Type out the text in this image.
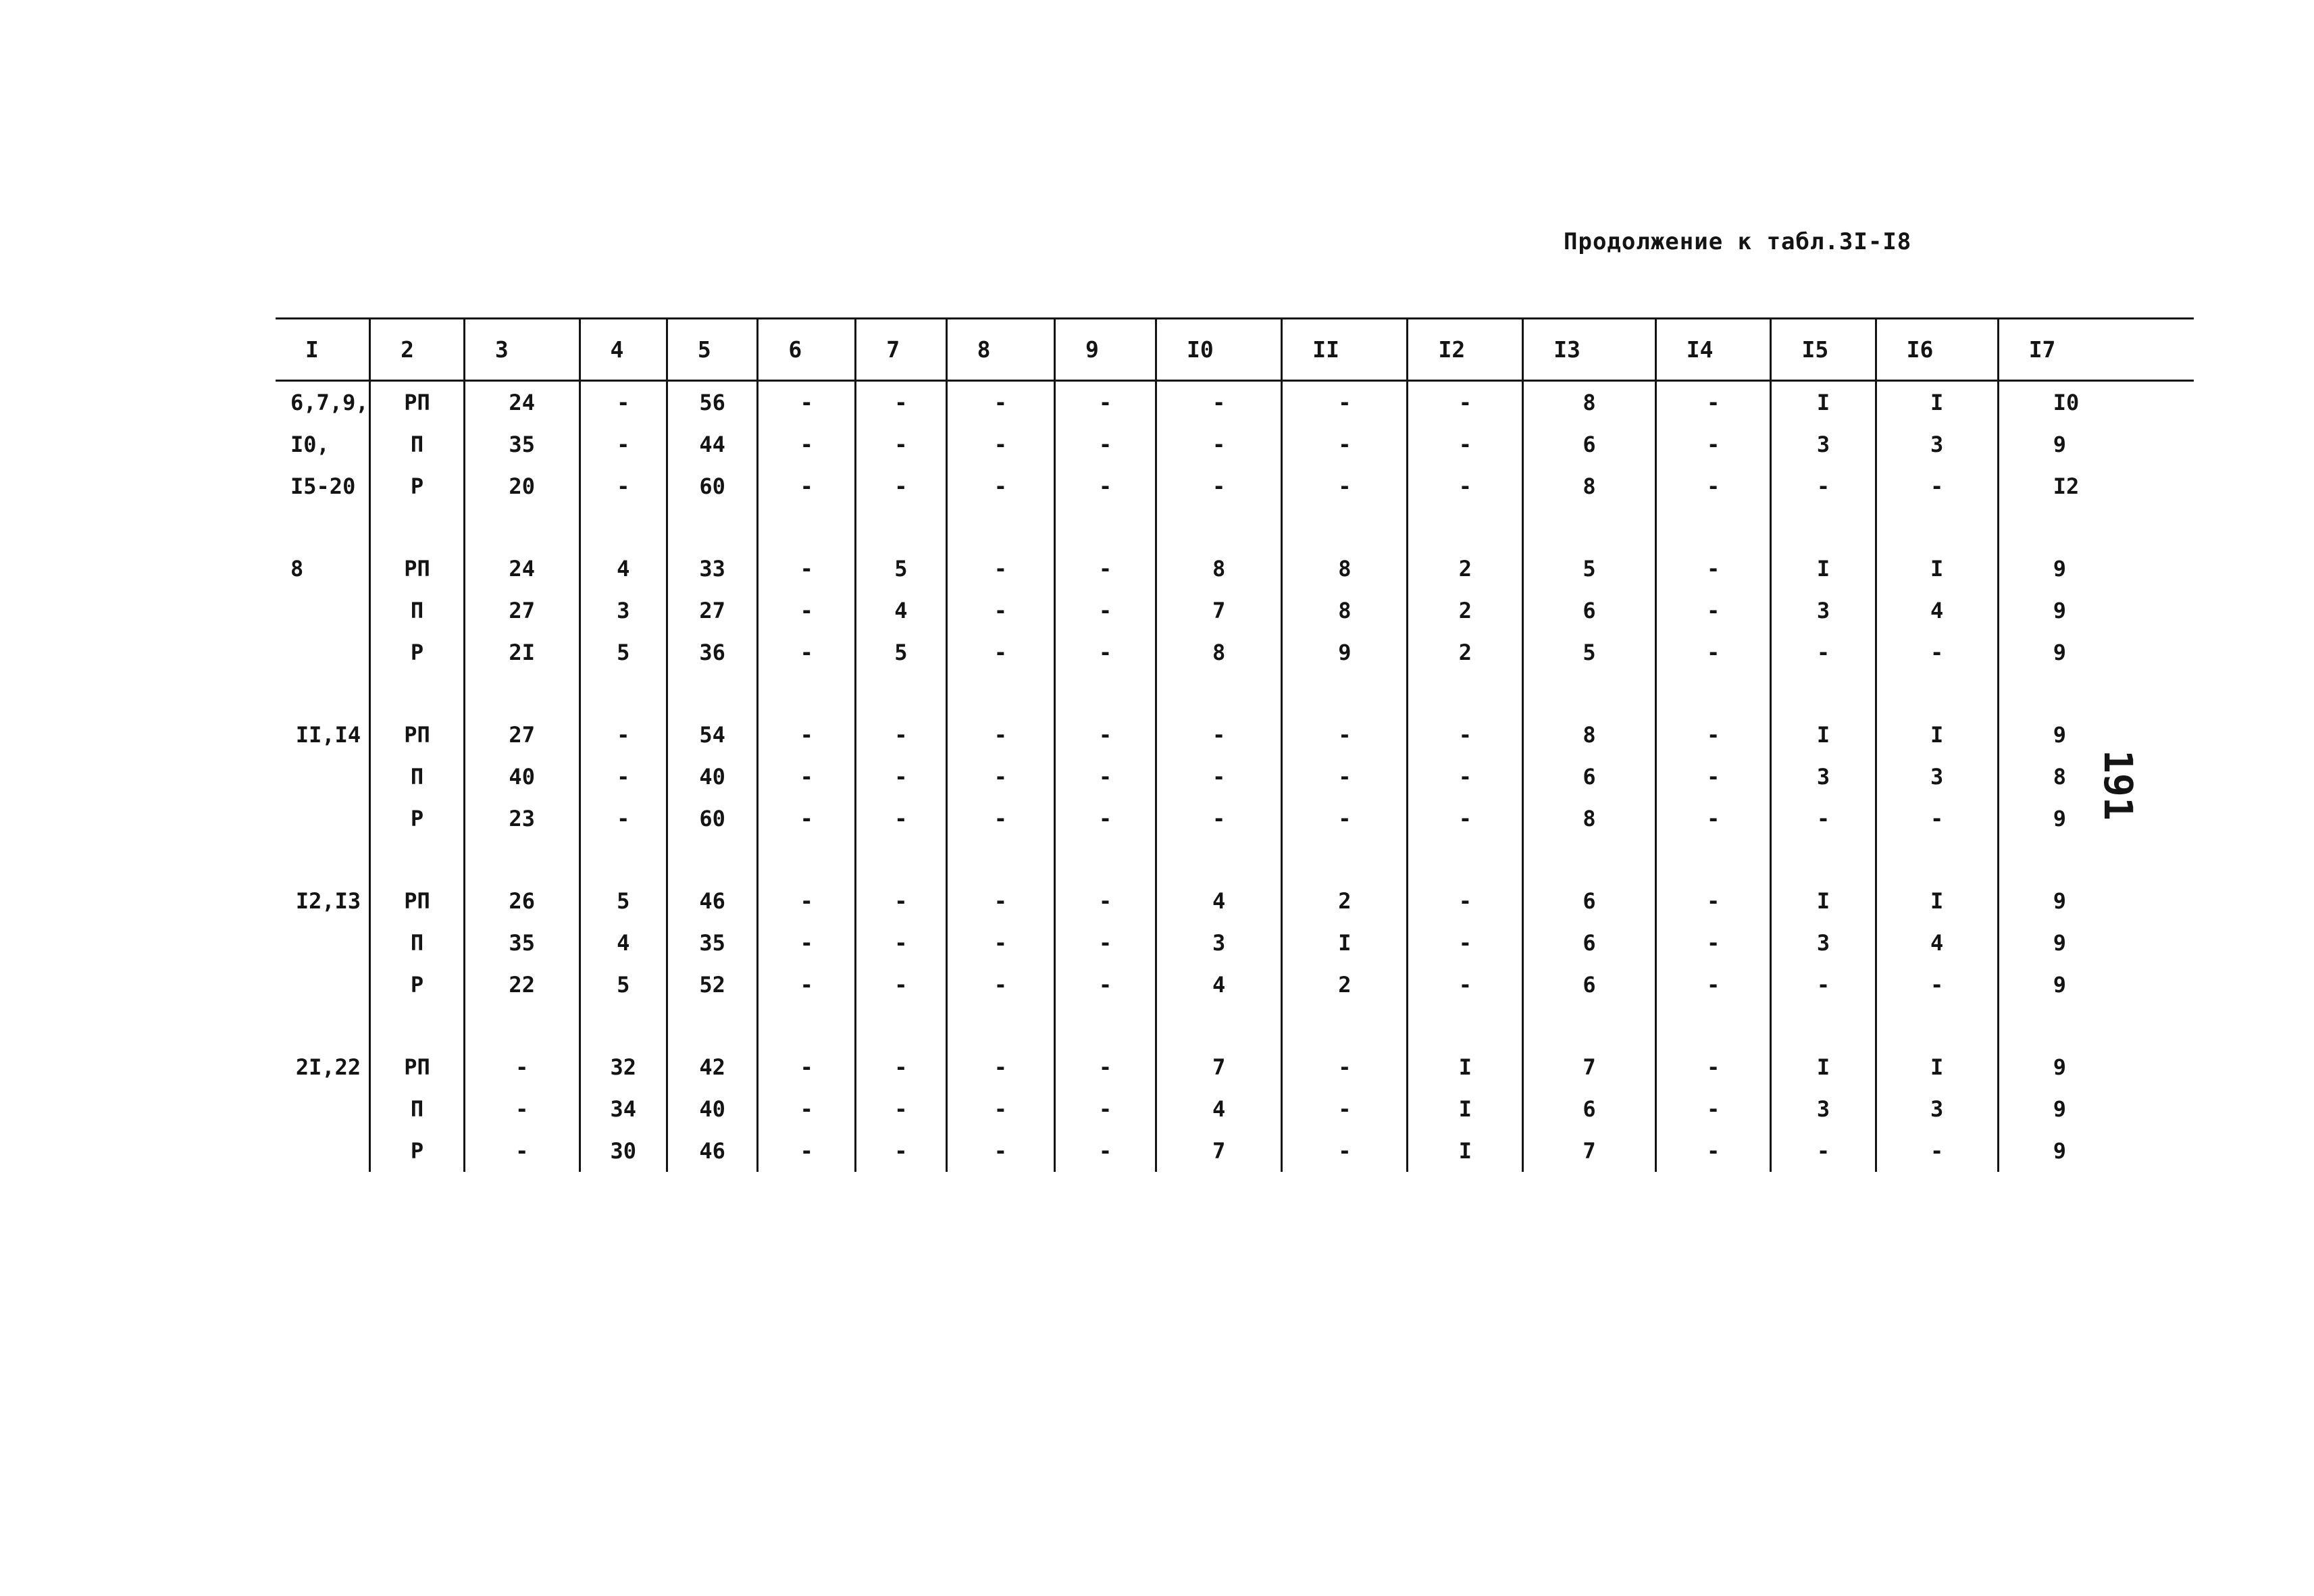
Продолжение к табл.3I-I8
I	2	3	4	5	6	7	8	9	I0	II	I2	I3	I4	I5	I6	I7
6,7,9,	РП	24	-	56	-	-	-	-	-	-	-	8	-	I	I	I0
I0,	П	35	-	44	-	-	-	-	-	-	-	6	-	3	3	9
I5-20	Р	20	-	60	-	-	-	-	-	-	-	8	-	-	-	I2

8	РП	24	4	33	-	5	-	-	8	8	2	5	-	I	I	9
	П	27	3	27	-	4	-	-	7	8	2	6	-	3	4	9
	Р	2I	5	36	-	5	-	-	8	9	2	5	-	-	-	9

II,I4	РП	27	-	54	-	-	-	-	-	-	-	8	-	I	I	9
	П	40	-	40	-	-	-	-	-	-	-	6	-	3	3	8
	Р	23	-	60	-	-	-	-	-	-	-	8	-	-	-	9

I2,I3	РП	26	5	46	-	-	-	-	4	2	-	6	-	I	I	9
	П	35	4	35	-	-	-	-	3	I	-	6	-	3	4	9
	Р	22	5	52	-	-	-	-	4	2	-	6	-	-	-	9

2I,22	РП	-	32	42	-	-	-	-	7	-	I	7	-	I	I	9
	П	-	34	40	-	-	-	-	4	-	I	6	-	3	3	9
	Р	-	30	46	-	-	-	-	7	-	I	7	-	-	-	9
191
